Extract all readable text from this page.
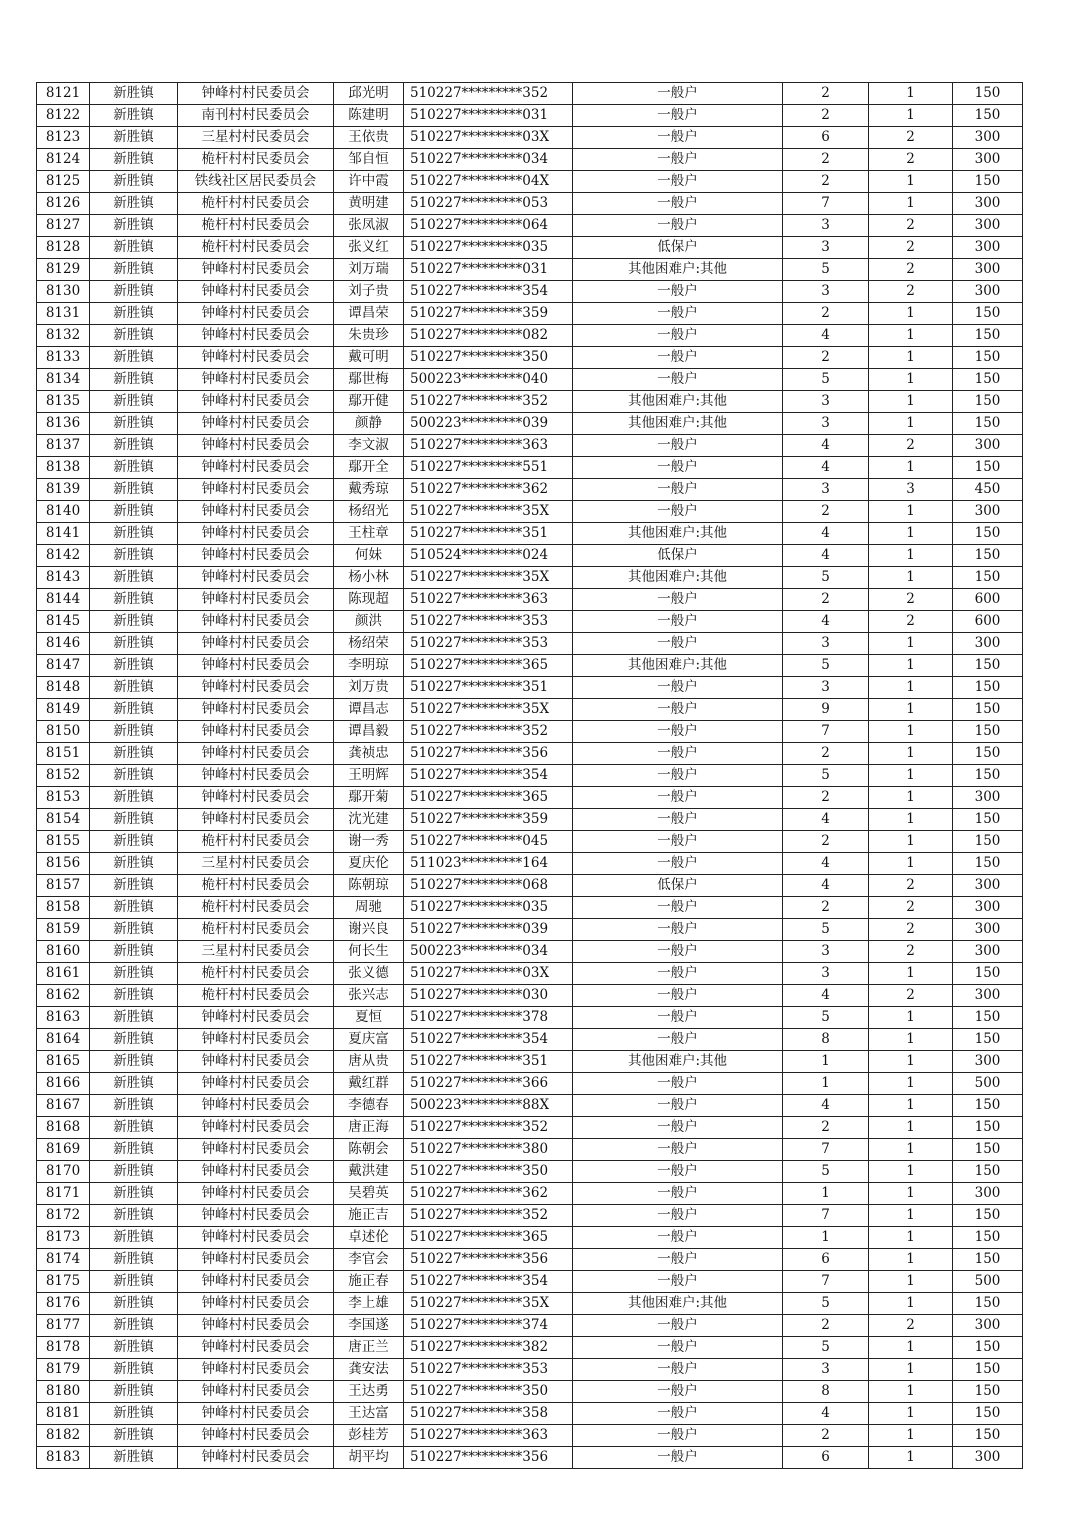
8121	新胜镇	钟峰村村民委员会	邱光明	510227*********352	一般户	2	1	150
8122	新胜镇	南刊村村民委员会	陈建明	510227*********031	一般户	2	1	150
8123	新胜镇	三星村村民委员会	王依贵	510227*********03X	一般户	6	2	300
8124	新胜镇	桅杆村村民委员会	邹自恒	510227*********034	一般户	2	2	300
8125	新胜镇	铁线社区居民委员会	许中霞	510227*********04X	一般户	2	1	150
8126	新胜镇	桅杆村村民委员会	黄明建	510227*********053	一般户	7	1	300
8127	新胜镇	桅杆村村民委员会	张凤淑	510227*********064	一般户	3	2	300
8128	新胜镇	桅杆村村民委员会	张义红	510227*********035	低保户	3	2	300
8129	新胜镇	钟峰村村民委员会	刘万瑞	510227*********031	其他困难户:其他	5	2	300
8130	新胜镇	钟峰村村民委员会	刘子贵	510227*********354	一般户	3	2	300
8131	新胜镇	钟峰村村民委员会	谭昌荣	510227*********359	一般户	2	1	150
8132	新胜镇	钟峰村村民委员会	朱贵珍	510227*********082	一般户	4	1	150
8133	新胜镇	钟峰村村民委员会	戴可明	510227*********350	一般户	2	1	150
8134	新胜镇	钟峰村村民委员会	鄢世梅	500223*********040	一般户	5	1	150
8135	新胜镇	钟峰村村民委员会	鄢开健	510227*********352	其他困难户:其他	3	1	150
8136	新胜镇	钟峰村村民委员会	颜静	500223*********039	其他困难户:其他	3	1	150
8137	新胜镇	钟峰村村民委员会	李文淑	510227*********363	一般户	4	2	300
8138	新胜镇	钟峰村村民委员会	鄢开全	510227*********551	一般户	4	1	150
8139	新胜镇	钟峰村村民委员会	戴秀琼	510227*********362	一般户	3	3	450
8140	新胜镇	钟峰村村民委员会	杨绍光	510227*********35X	一般户	2	1	300
8141	新胜镇	钟峰村村民委员会	王柱章	510227*********351	其他困难户:其他	4	1	150
8142	新胜镇	钟峰村村民委员会	何妹	510524*********024	低保户	4	1	150
8143	新胜镇	钟峰村村民委员会	杨小林	510227*********35X	其他困难户:其他	5	1	150
8144	新胜镇	钟峰村村民委员会	陈现超	510227*********363	一般户	2	2	600
8145	新胜镇	钟峰村村民委员会	颜洪	510227*********353	一般户	4	2	600
8146	新胜镇	钟峰村村民委员会	杨绍荣	510227*********353	一般户	3	1	300
8147	新胜镇	钟峰村村民委员会	李明琼	510227*********365	其他困难户:其他	5	1	150
8148	新胜镇	钟峰村村民委员会	刘万贵	510227*********351	一般户	3	1	150
8149	新胜镇	钟峰村村民委员会	谭昌志	510227*********35X	一般户	9	1	150
8150	新胜镇	钟峰村村民委员会	谭昌毅	510227*********352	一般户	7	1	150
8151	新胜镇	钟峰村村民委员会	龚祯忠	510227*********356	一般户	2	1	150
8152	新胜镇	钟峰村村民委员会	王明辉	510227*********354	一般户	5	1	150
8153	新胜镇	钟峰村村民委员会	鄢开菊	510227*********365	一般户	2	1	300
8154	新胜镇	钟峰村村民委员会	沈光建	510227*********359	一般户	4	1	150
8155	新胜镇	桅杆村村民委员会	谢一秀	510227*********045	一般户	2	1	150
8156	新胜镇	三星村村民委员会	夏庆伦	511023*********164	一般户	4	1	150
8157	新胜镇	桅杆村村民委员会	陈朝琼	510227*********068	低保户	4	2	300
8158	新胜镇	桅杆村村民委员会	周驰	510227*********035	一般户	2	2	300
8159	新胜镇	桅杆村村民委员会	谢兴良	510227*********039	一般户	5	2	300
8160	新胜镇	三星村村民委员会	何长生	500223*********034	一般户	3	2	300
8161	新胜镇	桅杆村村民委员会	张义德	510227*********03X	一般户	3	1	150
8162	新胜镇	桅杆村村民委员会	张兴志	510227*********030	一般户	4	2	300
8163	新胜镇	钟峰村村民委员会	夏恒	510227*********378	一般户	5	1	150
8164	新胜镇	钟峰村村民委员会	夏庆富	510227*********354	一般户	8	1	150
8165	新胜镇	钟峰村村民委员会	唐从贵	510227*********351	其他困难户:其他	1	1	300
8166	新胜镇	钟峰村村民委员会	戴红群	510227*********366	一般户	1	1	500
8167	新胜镇	钟峰村村民委员会	李德春	500223*********88X	一般户	4	1	150
8168	新胜镇	钟峰村村民委员会	唐正海	510227*********352	一般户	2	1	150
8169	新胜镇	钟峰村村民委员会	陈朝会	510227*********380	一般户	7	1	150
8170	新胜镇	钟峰村村民委员会	戴洪建	510227*********350	一般户	5	1	150
8171	新胜镇	钟峰村村民委员会	吴碧英	510227*********362	一般户	1	1	300
8172	新胜镇	钟峰村村民委员会	施正吉	510227*********352	一般户	7	1	150
8173	新胜镇	钟峰村村民委员会	卓述伦	510227*********365	一般户	1	1	150
8174	新胜镇	钟峰村村民委员会	李官会	510227*********356	一般户	6	1	150
8175	新胜镇	钟峰村村民委员会	施正春	510227*********354	一般户	7	1	500
8176	新胜镇	钟峰村村民委员会	李上雄	510227*********35X	其他困难户:其他	5	1	150
8177	新胜镇	钟峰村村民委员会	李国遂	510227*********374	一般户	2	2	300
8178	新胜镇	钟峰村村民委员会	唐正兰	510227*********382	一般户	5	1	150
8179	新胜镇	钟峰村村民委员会	龚安法	510227*********353	一般户	3	1	150
8180	新胜镇	钟峰村村民委员会	王达勇	510227*********350	一般户	8	1	150
8181	新胜镇	钟峰村村民委员会	王达富	510227*********358	一般户	4	1	150
8182	新胜镇	钟峰村村民委员会	彭桂芳	510227*********363	一般户	2	1	150
8183	新胜镇	钟峰村村民委员会	胡平均	510227*********356	一般户	6	1	300
